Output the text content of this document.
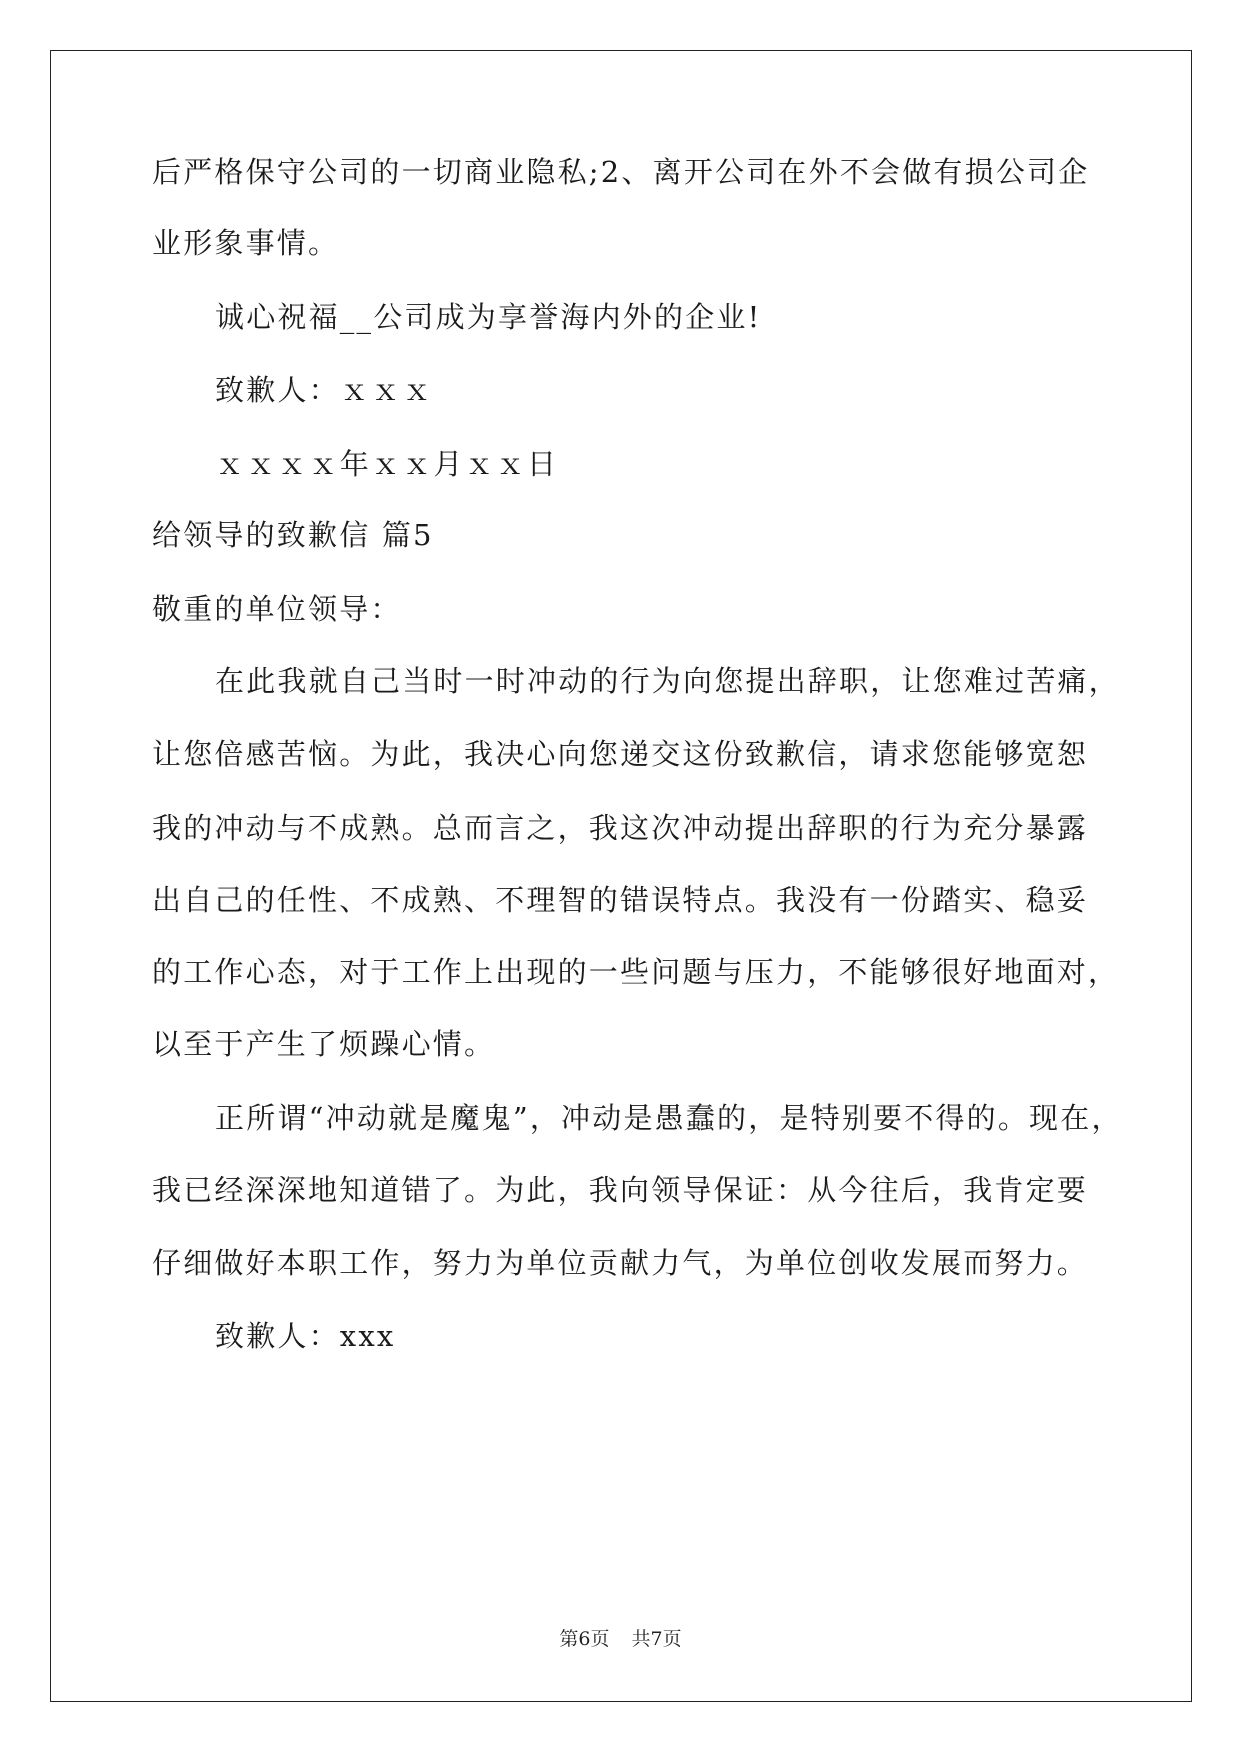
后严格保守公司的一切商业隐私;2、离开公司在外不会做有损公司企
业形象事情。
诚心祝福__公司成为享誉海内外的企业!
致歉人：ｘｘｘ
ｘｘｘｘ年ｘｘ月ｘｘ日
给领导的致歉信 篇5
敬重的单位领导：
在此我就自己当时一时冲动的行为向您提出辞职，让您难过苦痛，
让您倍感苦恼。为此，我决心向您递交这份致歉信，请求您能够宽恕
我的冲动与不成熟。总而言之，我这次冲动提出辞职的行为充分暴露
出自己的任性、不成熟、不理智的错误特点。我没有一份踏实、稳妥
的工作心态，对于工作上出现的一些问题与压力，不能够很好地面对，
以至于产生了烦躁心情。
正所谓“冲动就是魔鬼”，冲动是愚蠢的，是特别要不得的。现在，
我已经深深地知道错了。为此，我向领导保证：从今往后，我肯定要
仔细做好本职工作，努力为单位贡献力气，为单位创收发展而努力。
致歉人：xxx
第6页 共7页
